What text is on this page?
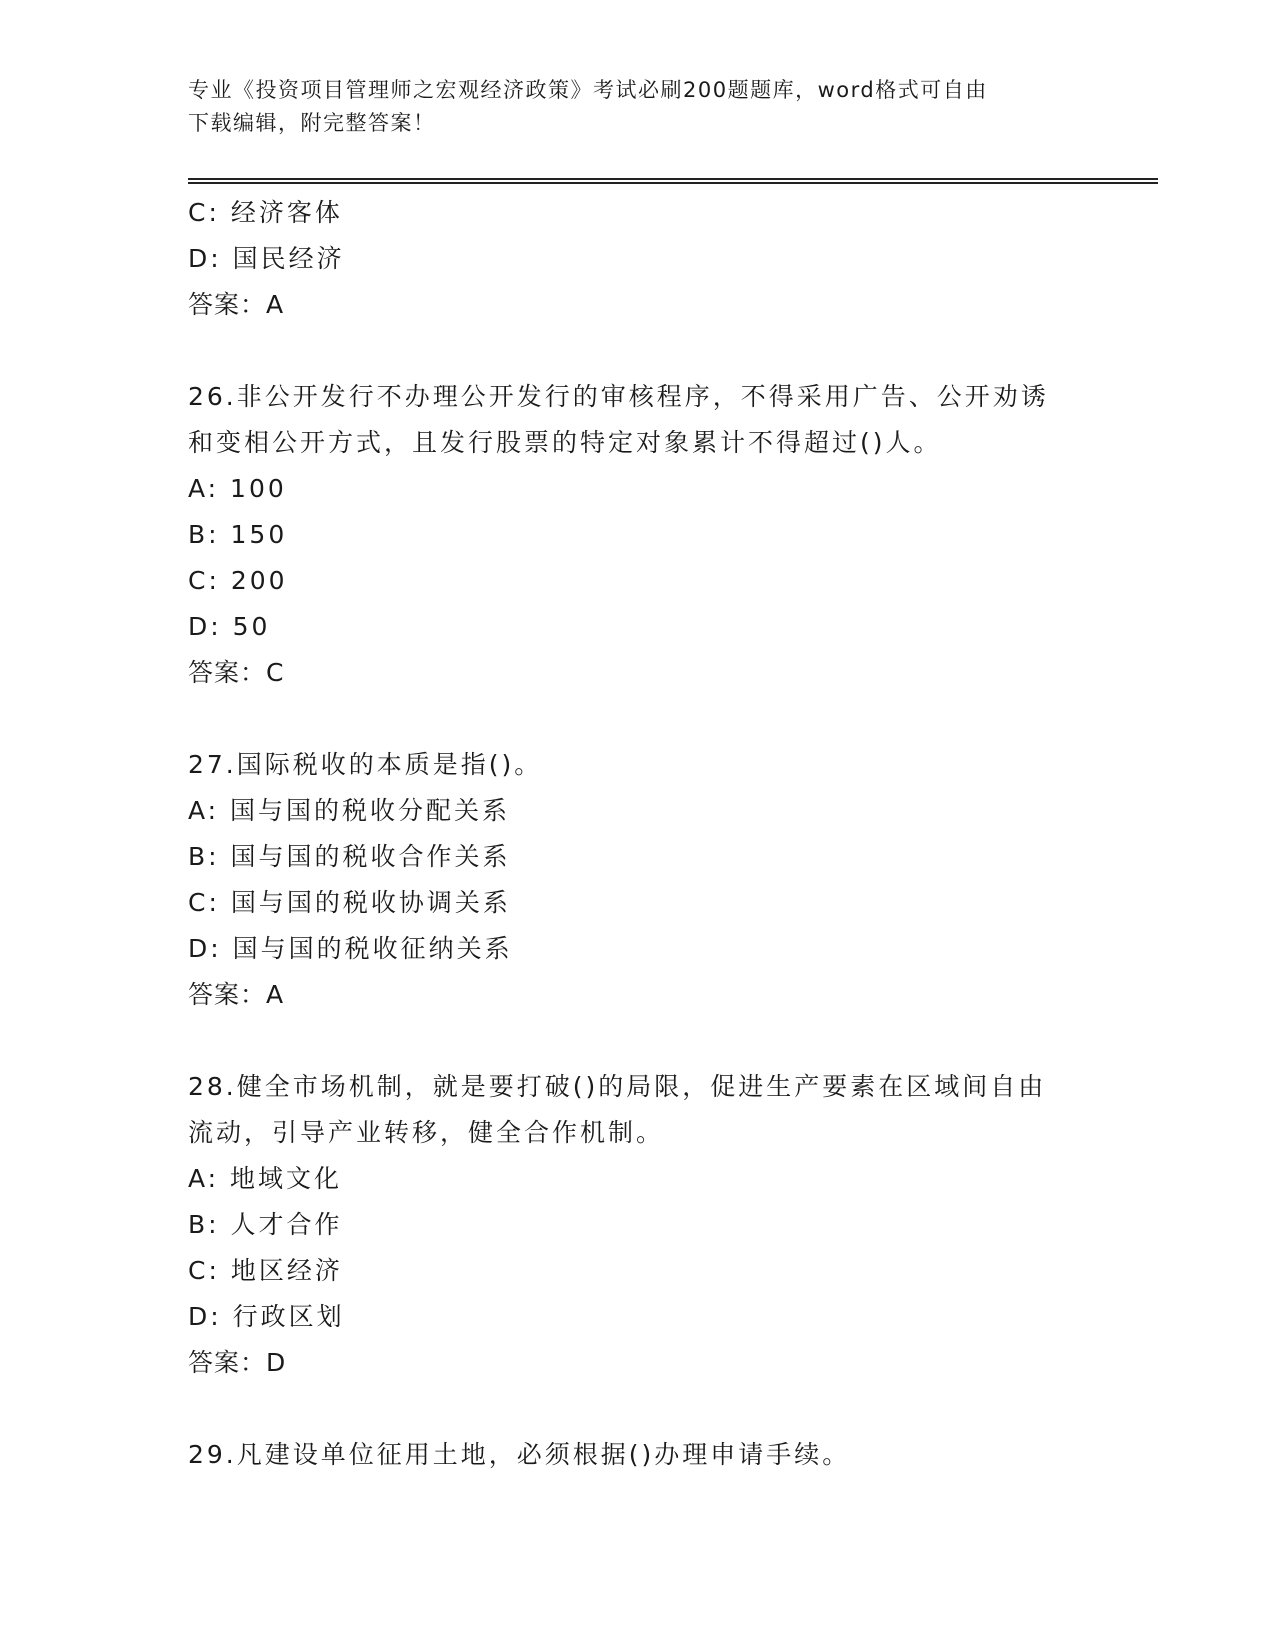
专业《投资项目管理师之宏观经济政策》考试必刷200题题库，word格式可自由
下载编辑，附完整答案！
C: 经济客体
D: 国民经济
答案：A
26.非公开发行不办理公开发行的审核程序，不得采用广告、公开劝诱
和变相公开方式，且发行股票的特定对象累计不得超过()人。
A: 100
B: 150
C: 200
D: 50
答案：C
27.国际税收的本质是指()。
A: 国与国的税收分配关系
B: 国与国的税收合作关系
C: 国与国的税收协调关系
D: 国与国的税收征纳关系
答案：A
28.健全市场机制，就是要打破()的局限，促进生产要素在区域间自由
流动，引导产业转移，健全合作机制。
A: 地域文化
B: 人才合作
C: 地区经济
D: 行政区划
答案：D
29.凡建设单位征用土地，必须根据()办理申请手续。
